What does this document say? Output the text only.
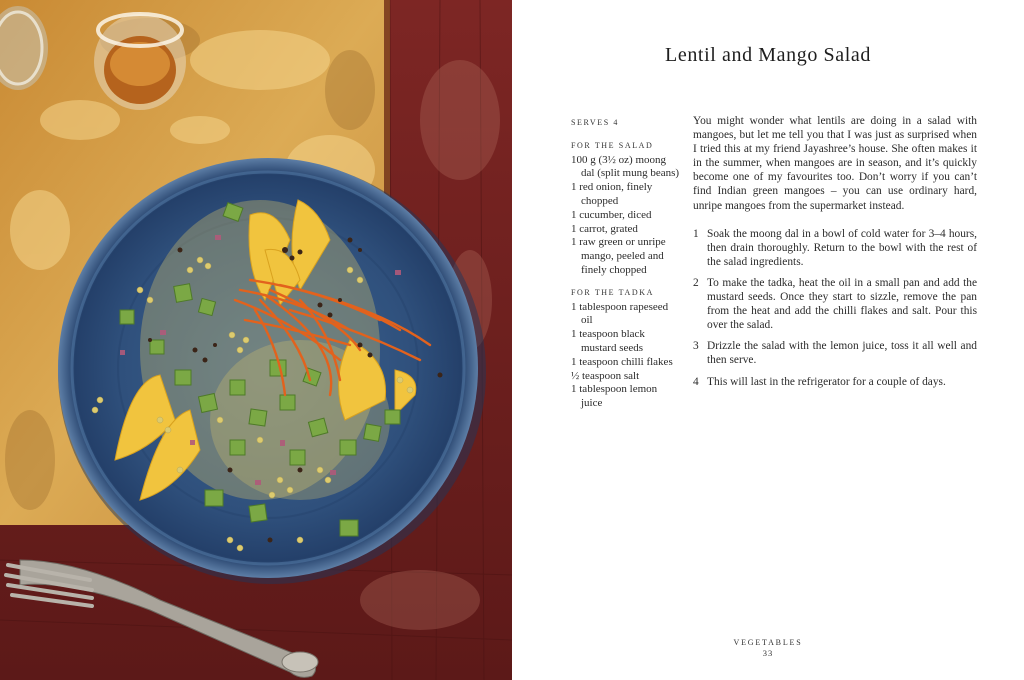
Lentil and Mango Salad
SERVES 4
FOR THE SALAD
100 g (3½ oz) moong dal (split mung beans)
1 red onion, finely chopped
1 cucumber, diced
1 carrot, grated
1 raw green or unripe mango, peeled and finely chopped
FOR THE TADKA
1 tablespoon rapeseed oil
1 teaspoon black mustard seeds
1 teaspoon chilli flakes
½ teaspoon salt
1 tablespoon lemon juice

You might wonder what lentils are doing in a salad with mangoes, but let me tell you that I was just as surprised when I tried this at my friend Jayashree’s house. She often makes it in the summer, when mangoes are in season, and it’s quickly become one of my favourites too. Don’t worry if you can’t find Indian green mangoes – you can use ordinary hard, unripe mangoes from the supermarket instead.

1 Soak the moong dal in a bowl of cold water for 3–4 hours, then drain thoroughly. Return to the bowl with the rest of the salad ingredients.
2 To make the tadka, heat the oil in a small pan and add the mustard seeds. Once they start to sizzle, remove the pan from the heat and add the chilli flakes and salt. Pour this over the salad.
3 Drizzle the salad with the lemon juice, toss it all well and then serve.
4 This will last in the refrigerator for a couple of days.
VEGETABLES
33
